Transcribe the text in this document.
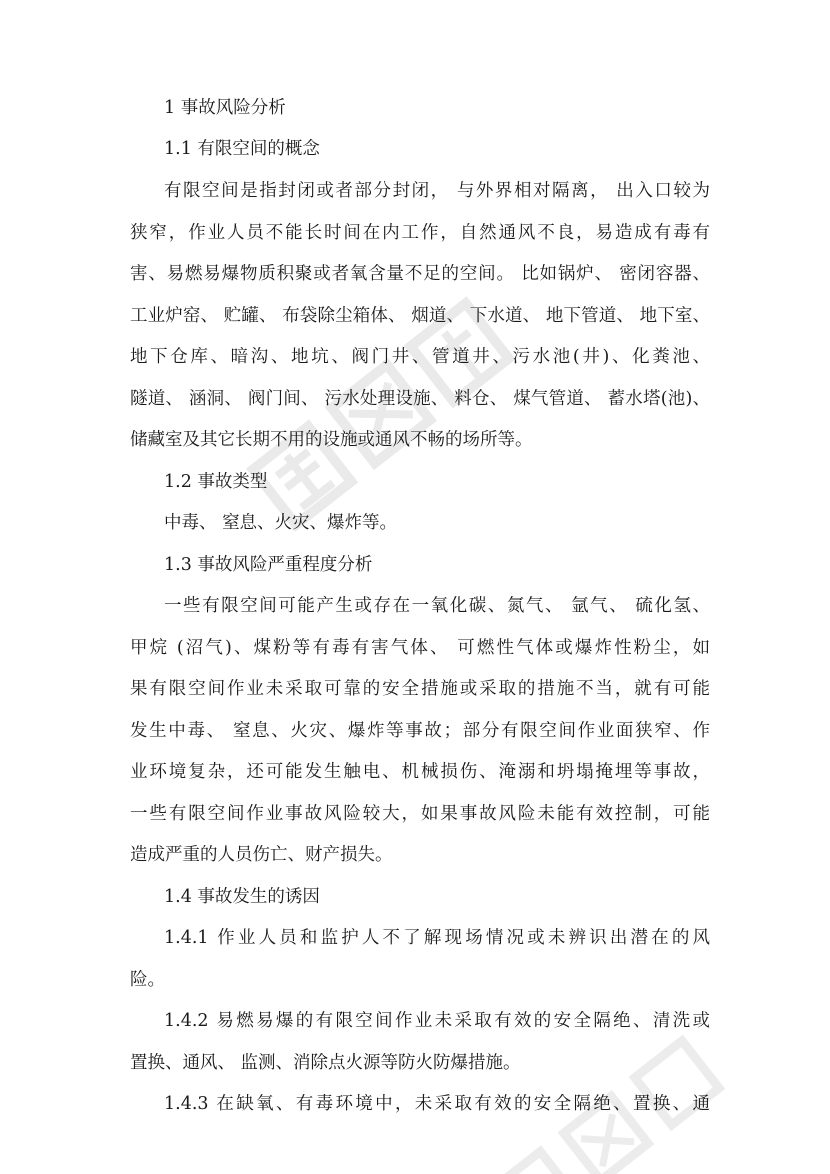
1 事故风险分析
1.1 有限空间的概念
有限空间是指封闭或者部分封闭， 与外界相对隔离， 出入口较为
狭窄，作业人员不能长时间在内工作，自然通风不良，易造成有毒有
害、易燃易爆物质积聚或者氧含量不足的空间。 比如锅炉、 密闭容器、
工业炉窑、 贮罐、 布袋除尘箱体、 烟道、 下水道、 地下管道、 地下室、
地下仓库、暗沟、地坑、阀门井、管道井、污水池(井)、化粪池、
隧道、 涵洞、 阀门间、 污水处理设施、 料仓、 煤气管道、 蓄水塔(池)、
储藏室及其它长期不用的设施或通风不畅的场所等。
1.2 事故类型
中毒、 窒息、火灾、爆炸等。
1.3 事故风险严重程度分析
一些有限空间可能产生或存在一氧化碳、氮气、 氩气、 硫化氢、
甲烷 (沼气)、煤粉等有毒有害气体、 可燃性气体或爆炸性粉尘，如
果有限空间作业未采取可靠的安全措施或采取的措施不当，就有可能
发生中毒、 窒息、火灾、爆炸等事故；部分有限空间作业面狭窄、作
业环境复杂，还可能发生触电、机械损伤、淹溺和坍塌掩埋等事故，
一些有限空间作业事故风险较大，如果事故风险未能有效控制，可能
造成严重的人员伤亡、财产损失。
1.4 事故发生的诱因
1.4.1 作业人员和监护人不了解现场情况或未辨识出潜在的风
险。
1.4.2 易燃易爆的有限空间作业未采取有效的安全隔绝、清洗或
置换、通风、 监测、消除点火源等防火防爆措施。
1.4.3 在缺氧、有毒环境中，未采取有效的安全隔绝、置换、通
